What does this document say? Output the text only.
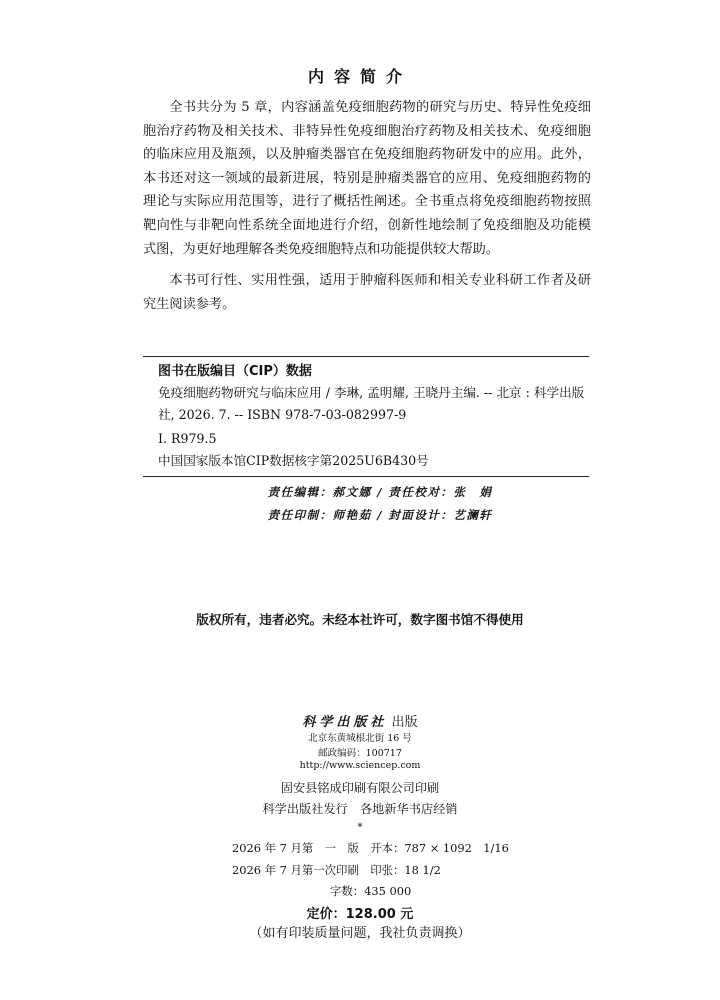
内容简介

全书共分为 5 章，内容涵盖免疫细胞药物的研究与历史、特异性免疫细胞治疗药物及相关技术、非特异性免疫细胞治疗药物及相关技术、免疫细胞的临床应用及瓶颈，以及肿瘤类器官在免疫细胞药物研发中的应用。此外，本书还对这一领域的最新进展，特别是肿瘤类器官的应用、免疫细胞药物的理论与实际应用范围等，进行了概括性阐述。全书重点将免疫细胞药物按照靶向性与非靶向性系统全面地进行介绍，创新性地绘制了免疫细胞及功能模式图，为更好地理解各类免疫细胞特点和功能提供较大帮助。

本书可行性、实用性强，适用于肿瘤科医师和相关专业科研工作者及研究生阅读参考。

图书在版编目（CIP）数据
免疫细胞药物研究与临床应用 / 李琳, 孟明耀, 王晓丹主编. -- 北京 : 科学出版社, 2026. 7. -- ISBN 978-7-03-082997-9
Ⅰ. R979.5
中国国家版本馆CIP数据核字第2025U6B430号
责任编辑：郝文娜 / 责任校对：张　娟
责任印制：师艳茹 / 封面设计：艺澜轩
版权所有，违者必究。未经本社许可，数字图书馆不得使用
科学出版社 出版
北京东黄城根北街 16 号
邮政编码：100717
http://www.sciencep.com
固安县铭成印刷有限公司印刷
科学出版社发行　各地新华书店经销
*
2026 年 7 月第　一　版　开本：787 × 1092　1/16
2026 年 7 月第一次印刷　印张：18 1/2
字数：435 000
定价：128.00 元
（如有印装质量问题，我社负责调换）
